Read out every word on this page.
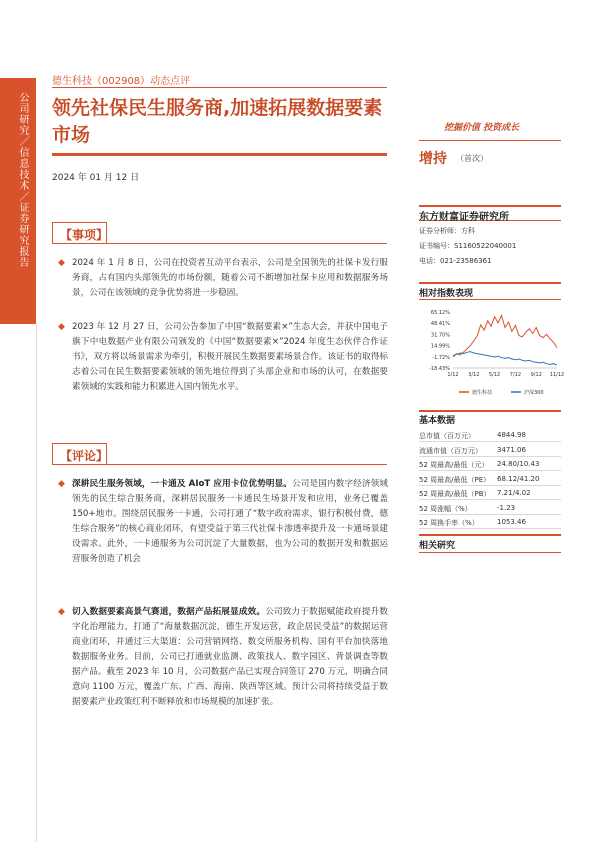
公司研究／信息技术／证券研究报告
德生科技（002908）动态点评
领先社保民生服务商,加速拓展数据要素市场
2024 年 01 月 12 日
【事项】
◆ 2024 年 1 月 8 日，公司在投资者互动平台表示，公司是全国领先的社保卡发行服务商，占有国内头部领先的市场份额，随着公司不断增加社保卡应用和数据服务场景，公司在该领域的竞争优势将进一步稳固。
◆ 2023 年 12 月 27 日，公司公告参加了中国“数据要素×”生态大会，并获中国电子旗下中电数据产业有限公司颁发的《中国“数据要素×”2024 年度生态伙伴合作证书》，双方将以场景需求为牵引，积极开展民生数据要素场景合作。该证书的取得标志着公司在民生数据要素领域的领先地位得到了头部企业和市场的认可，在数据要素领域的实践和能力积累进入国内领先水平。
【评论】
◆ 深耕民生服务领域，一卡通及 AIoT 应用卡位优势明显。公司是国内数字经济领域领先的民生综合服务商，深耕居民服务一卡通民生场景开发和应用，业务已覆盖 150+地市。围绕居民服务一卡通，公司打通了“数字政府需求，银行积极付费，德生综合服务”的核心商业闭环，有望受益于第三代社保卡渗透率提升及一卡通场景建设需求。此外，一卡通服务为公司沉淀了大量数据，也为公司的数据开发和数据运营服务创造了机会
◆ 切入数据要素高景气赛道，数据产品拓展显成效。公司致力于数据赋能政府提升数字化治理能力，打通了“海量数据沉淀，德生开发运营，政企居民受益”的数据运营商业闭环，并通过三大渠道：公司营销网络、数交所服务机构、国有平台加快落地数据服务业务。目前，公司已打通就业监测、政策找人、数字园区、背景调查等数据产品。截至 2023 年 10 月，公司数据产品已实现合同签订 270 万元，明确合同意向 1100 万元，覆盖广东、广西、海南、陕西等区域。预计公司将持续受益于数据要素产业政策红利不断释放和市场规模的加速扩张。
挖掘价值 投资成长
增持 （首次）
东方财富证券研究所
证券分析师：方科
证书编号：S1160522040001
电话：021-23586361
相对指数表现
65.12%
48.41%
31.70%
14.99%
-1.72%
-18.43%
1/12 3/12 5/12 7/12 9/12 11/12
德生科技	沪深300
基本数据
总市值（百万元）	4844.98
流通市值（百万元） 3471.06
52 周最高/最低（元） 24.80/10.43
52 周最高/最低（PE） 68.12/41.20
52 周最高/最低（PB） 7.21/4.02
52 周涨幅（%）	-1.23
52 周换手率（%）	1053.46
相关研究
